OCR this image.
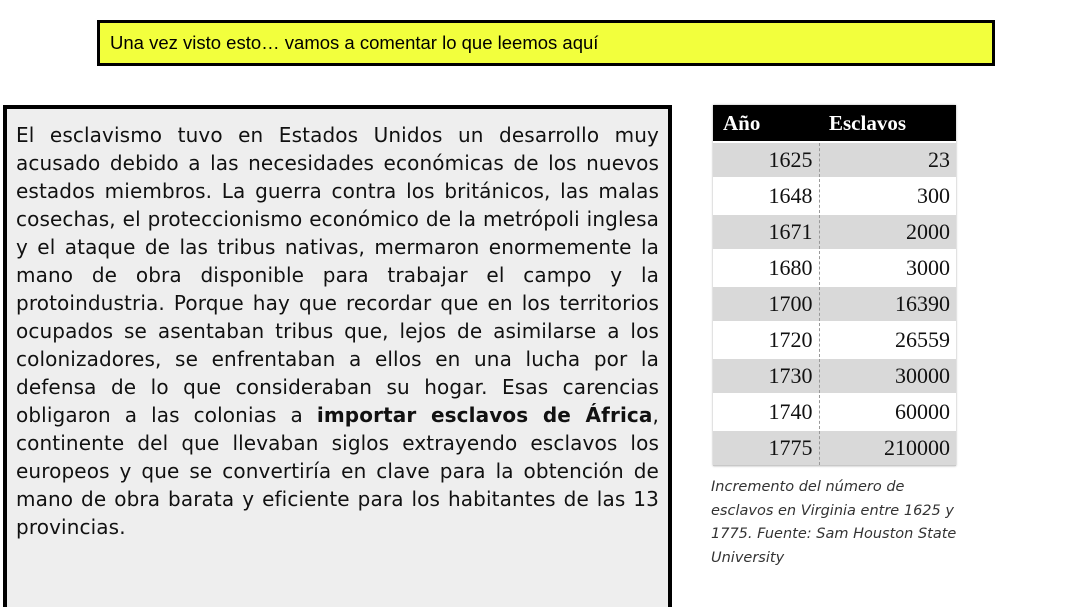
Una vez visto esto… vamos a comentar lo que leemos aquí

El esclavismo tuvo en Estados Unidos un desarrollo muy acusado debido a las necesidades económicas de los nuevos estados miembros. La guerra contra los británicos, las malas cosechas, el proteccionismo económico de la metrópoli inglesa y el ataque de las tribus nativas, mermaron enormemente la mano de obra disponible para trabajar el campo y la protoindustria. Porque hay que recordar que en los territorios ocupados se asentaban tribus que, lejos de asimilarse a los colonizadores, se enfrentaban a ellos en una lucha por la defensa de lo que consideraban su hogar. Esas carencias obligaron a las colonias a importar esclavos de África, continente del que llevaban siglos extrayendo esclavos los europeos y que se convertiría en clave para la obtención de mano de obra barata y eficiente para los habitantes de las 13 provincias.

Año	Esclavos
1625	23
1648	300
1671	2000
1680	3000
1700	16390
1720	26559
1730	30000
1740	60000
1775	210000
Incremento del número de esclavos en Virginia entre 1625 y 1775. Fuente: Sam Houston State University
